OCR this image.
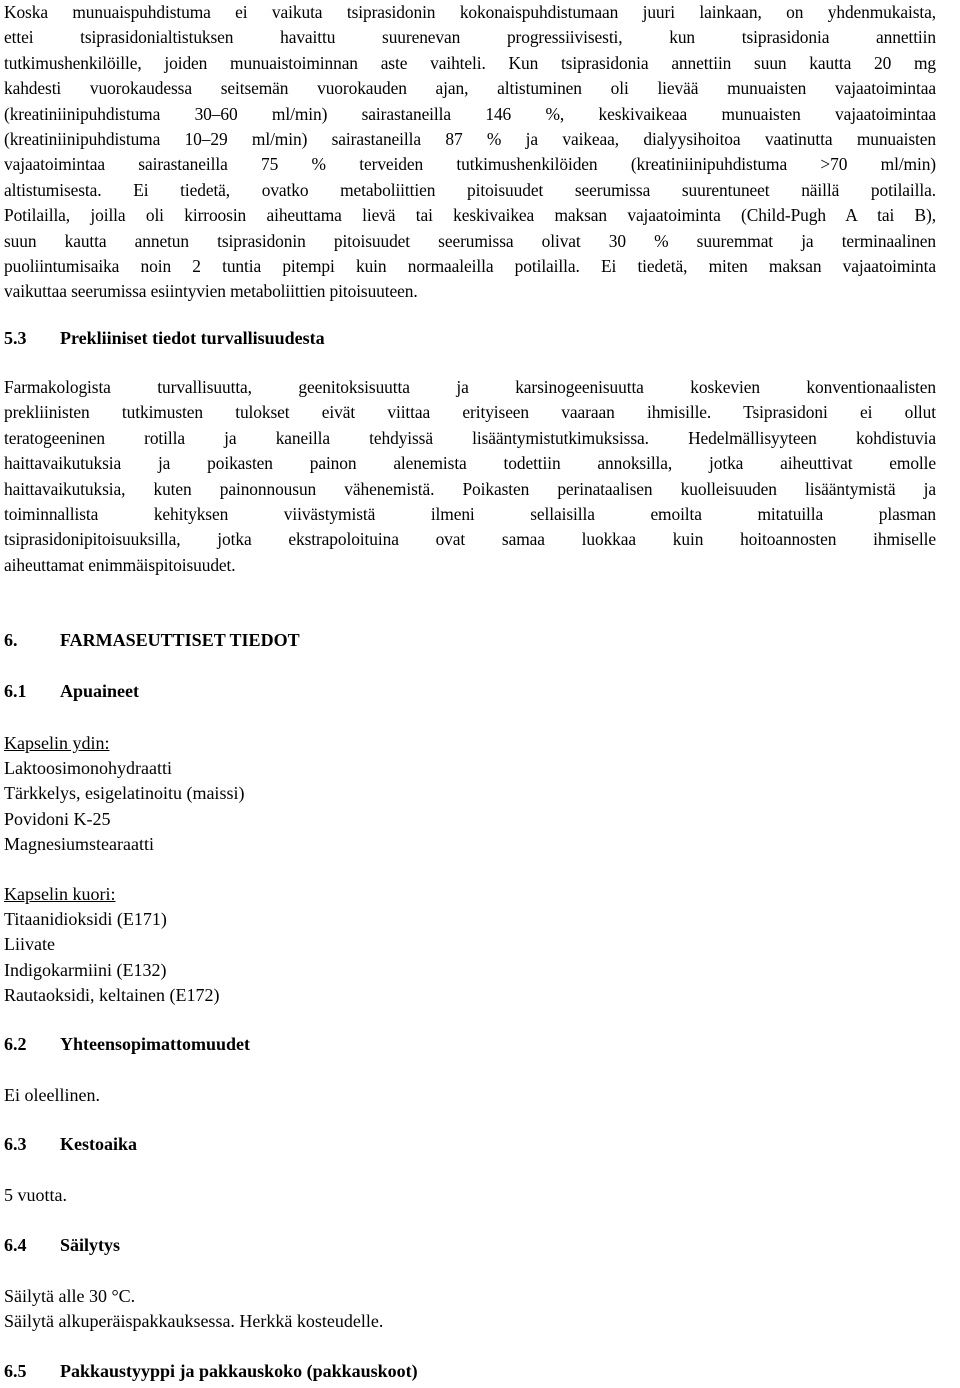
Koska munuaispuhdistuma ei vaikuta tsiprasidonin kokonaispuhdistumaan juuri lainkaan, on yhdenmukaista,
ettei tsiprasidonialtistuksen havaittu suurenevan progressiivisesti, kun tsiprasidonia annettiin
tutkimushenkilöille, joiden munuaistoiminnan aste vaihteli. Kun tsiprasidonia annettiin suun kautta 20 mg
kahdesti vuorokaudessa seitsemän vuorokauden ajan, altistuminen oli lievää munuaisten vajaatoimintaa
(kreatiniinipuhdistuma 30–60 ml/min) sairastaneilla 146 %, keskivaikeaa munuaisten vajaatoimintaa
(kreatiniinipuhdistuma 10–29 ml/min) sairastaneilla 87 % ja vaikeaa, dialyysihoitoa vaatinutta munuaisten
vajaatoimintaa sairastaneilla 75 % terveiden tutkimushenkilöiden (kreatiniinipuhdistuma >70 ml/min)
altistumisesta. Ei tiedetä, ovatko metaboliittien pitoisuudet seerumissa suurentuneet näillä potilailla.
Potilailla, joilla oli kirroosin aiheuttama lievä tai keskivaikea maksan vajaatoiminta (Child-Pugh A tai B),
suun kautta annetun tsiprasidonin pitoisuudet seerumissa olivat 30 % suuremmat ja terminaalinen
puoliintumisaika noin 2 tuntia pitempi kuin normaaleilla potilailla. Ei tiedetä, miten maksan vajaatoiminta
vaikuttaa seerumissa esiintyvien metaboliittien pitoisuuteen.

5.3 Prekliiniset tiedot turvallisuudesta

Farmakologista turvallisuutta, geenitoksisuutta ja karsinogeenisuutta koskevien konventionaalisten
prekliinisten tutkimusten tulokset eivät viittaa erityiseen vaaraan ihmisille. Tsiprasidoni ei ollut
teratogeeninen rotilla ja kaneilla tehdyissä lisääntymistutkimuksissa. Hedelmällisyyteen kohdistuvia
haittavaikutuksia ja poikasten painon alenemista todettiin annoksilla, jotka aiheuttivat emolle
haittavaikutuksia, kuten painonnousun vähenemistä. Poikasten perinataalisen kuolleisuuden lisääntymistä ja
toiminnallista kehityksen viivästymistä ilmeni sellaisilla emoilta mitatuilla plasman
tsiprasidonipitoisuuksilla, jotka ekstrapoloituina ovat samaa luokkaa kuin hoitoannosten ihmiselle
aiheuttamat enimmäispitoisuudet.

6. FARMASEUTTISET TIEDOT
6.1 Apuaineet
Kapselin ydin:
Laktoosimonohydraatti
Tärkkelys, esigelatinoitu (maissi)
Povidoni K-25
Magnesiumstearaatti
Kapselin kuori:
Titaanidioksidi (E171)
Liivate
Indigokarmiini (E132)
Rautaoksidi, keltainen (E172)
6.2 Yhteensopimattomuudet
Ei oleellinen.
6.3 Kestoaika
5 vuotta.
6.4 Säilytys
Säilytä alle 30 °C.
Säilytä alkuperäispakkauksessa. Herkkä kosteudelle.
6.5 Pakkaustyyppi ja pakkauskoko (pakkauskoot)
